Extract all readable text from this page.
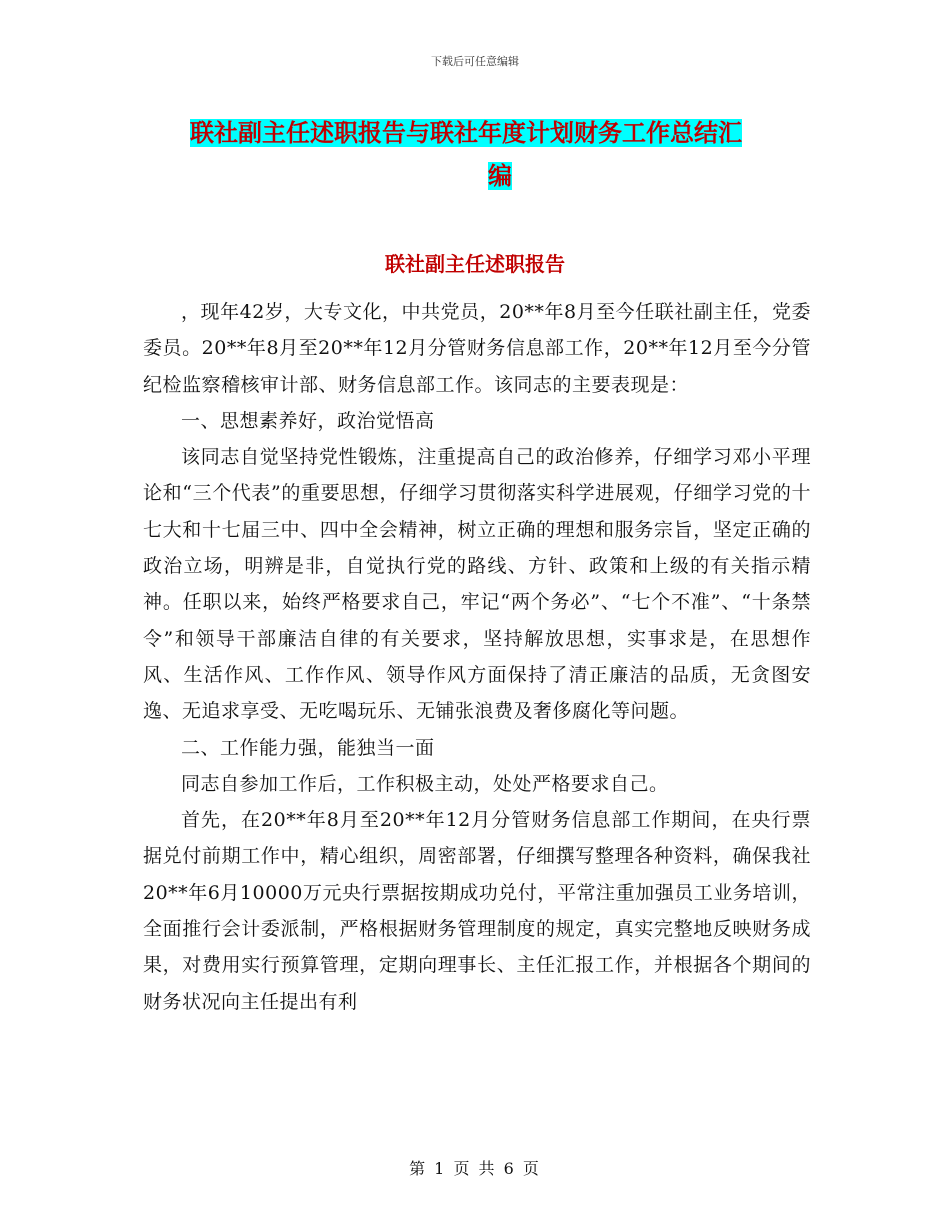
下载后可任意编辑
联社副主任述职报告与联社年度计划财务工作总结汇
编
联社副主任述职报告

，现年42岁，大专文化，中共党员，20**年8月至今任联社副主任，党委委员。20**年8月至20**年12月分管财务信息部工作，20**年12月至今分管纪检监察稽核审计部、财务信息部工作。该同志的主要表现是：

一、思想素养好，政治觉悟高

该同志自觉坚持党性锻炼，注重提高自己的政治修养，仔细学习邓小平理论和“三个代表”的重要思想，仔细学习贯彻落实科学进展观，仔细学习党的十七大和十七届三中、四中全会精神，树立正确的理想和服务宗旨，坚定正确的政治立场，明辨是非，自觉执行党的路线、方针、政策和上级的有关指示精神。任职以来，始终严格要求自己，牢记“两个务必”、“七个不准”、“十条禁令”和领导干部廉洁自律的有关要求，坚持解放思想，实事求是，在思想作风、生活作风、工作作风、领导作风方面保持了清正廉洁的品质，无贪图安逸、无追求享受、无吃喝玩乐、无铺张浪费及奢侈腐化等问题。

二、工作能力强，能独当一面

同志自参加工作后，工作积极主动，处处严格要求自己。

首先，在20**年8月至20**年12月分管财务信息部工作期间，在央行票据兑付前期工作中，精心组织，周密部署，仔细撰写整理各种资料，确保我社20**年6月10000万元央行票据按期成功兑付，平常注重加强员工业务培训，全面推行会计委派制，严格根据财务管理制度的规定，真实完整地反映财务成果，对费用实行预算管理，定期向理事长、主任汇报工作，并根据各个期间的财务状况向主任提出有利

第 1 页 共 6 页
